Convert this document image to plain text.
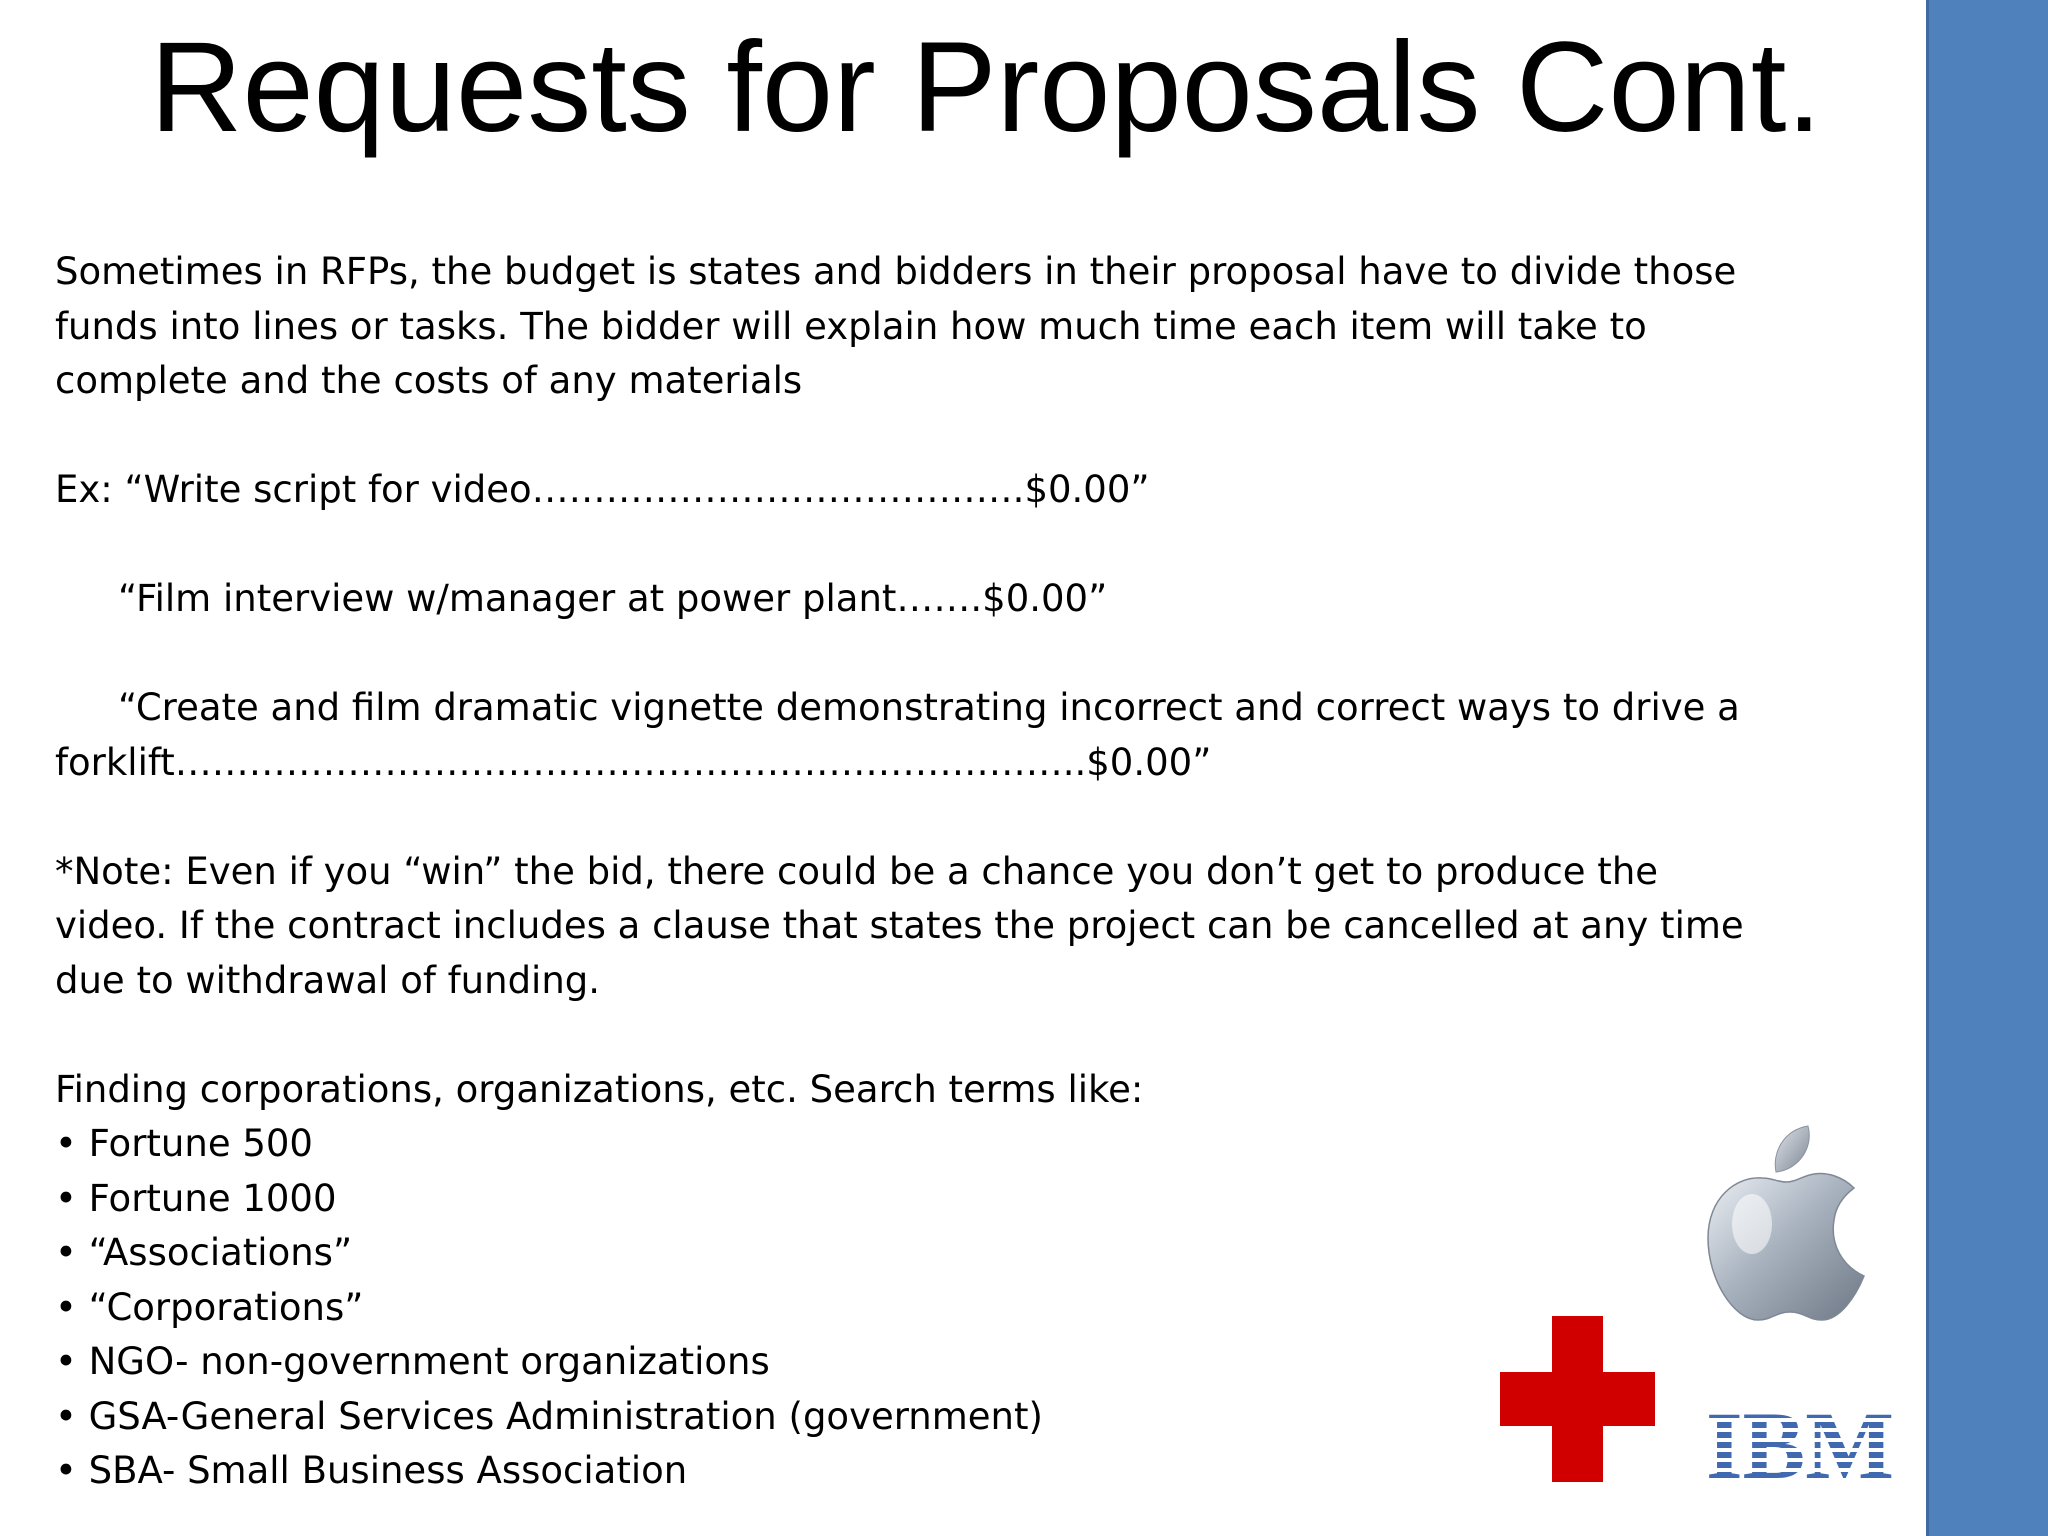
Requests for Proposals Cont.
Sometimes in RFPs, the budget is states and bidders in their proposal have to divide those
funds into lines or tasks. The bidder will explain how much time each item will take to
complete and the costs of any materials
Ex: “Write script for video………………………………….$0.00”
“Film interview w/manager at power plant…….$0.00”
“Create and film dramatic vignette demonstrating incorrect and correct ways to drive a
forklift………………………………………………………………..$0.00”
*Note: Even if you “win” the bid, there could be a chance you don’t get to produce the
video. If the contract includes a clause that states the project can be cancelled at any time
due to withdrawal of funding.
Finding corporations, organizations, etc. Search terms like:
• Fortune 500
• Fortune 1000
• “Associations”
• “Corporations”
• NGO- non-government organizations
• GSA-General Services Administration (government)
• SBA- Small Business Association	IBM
